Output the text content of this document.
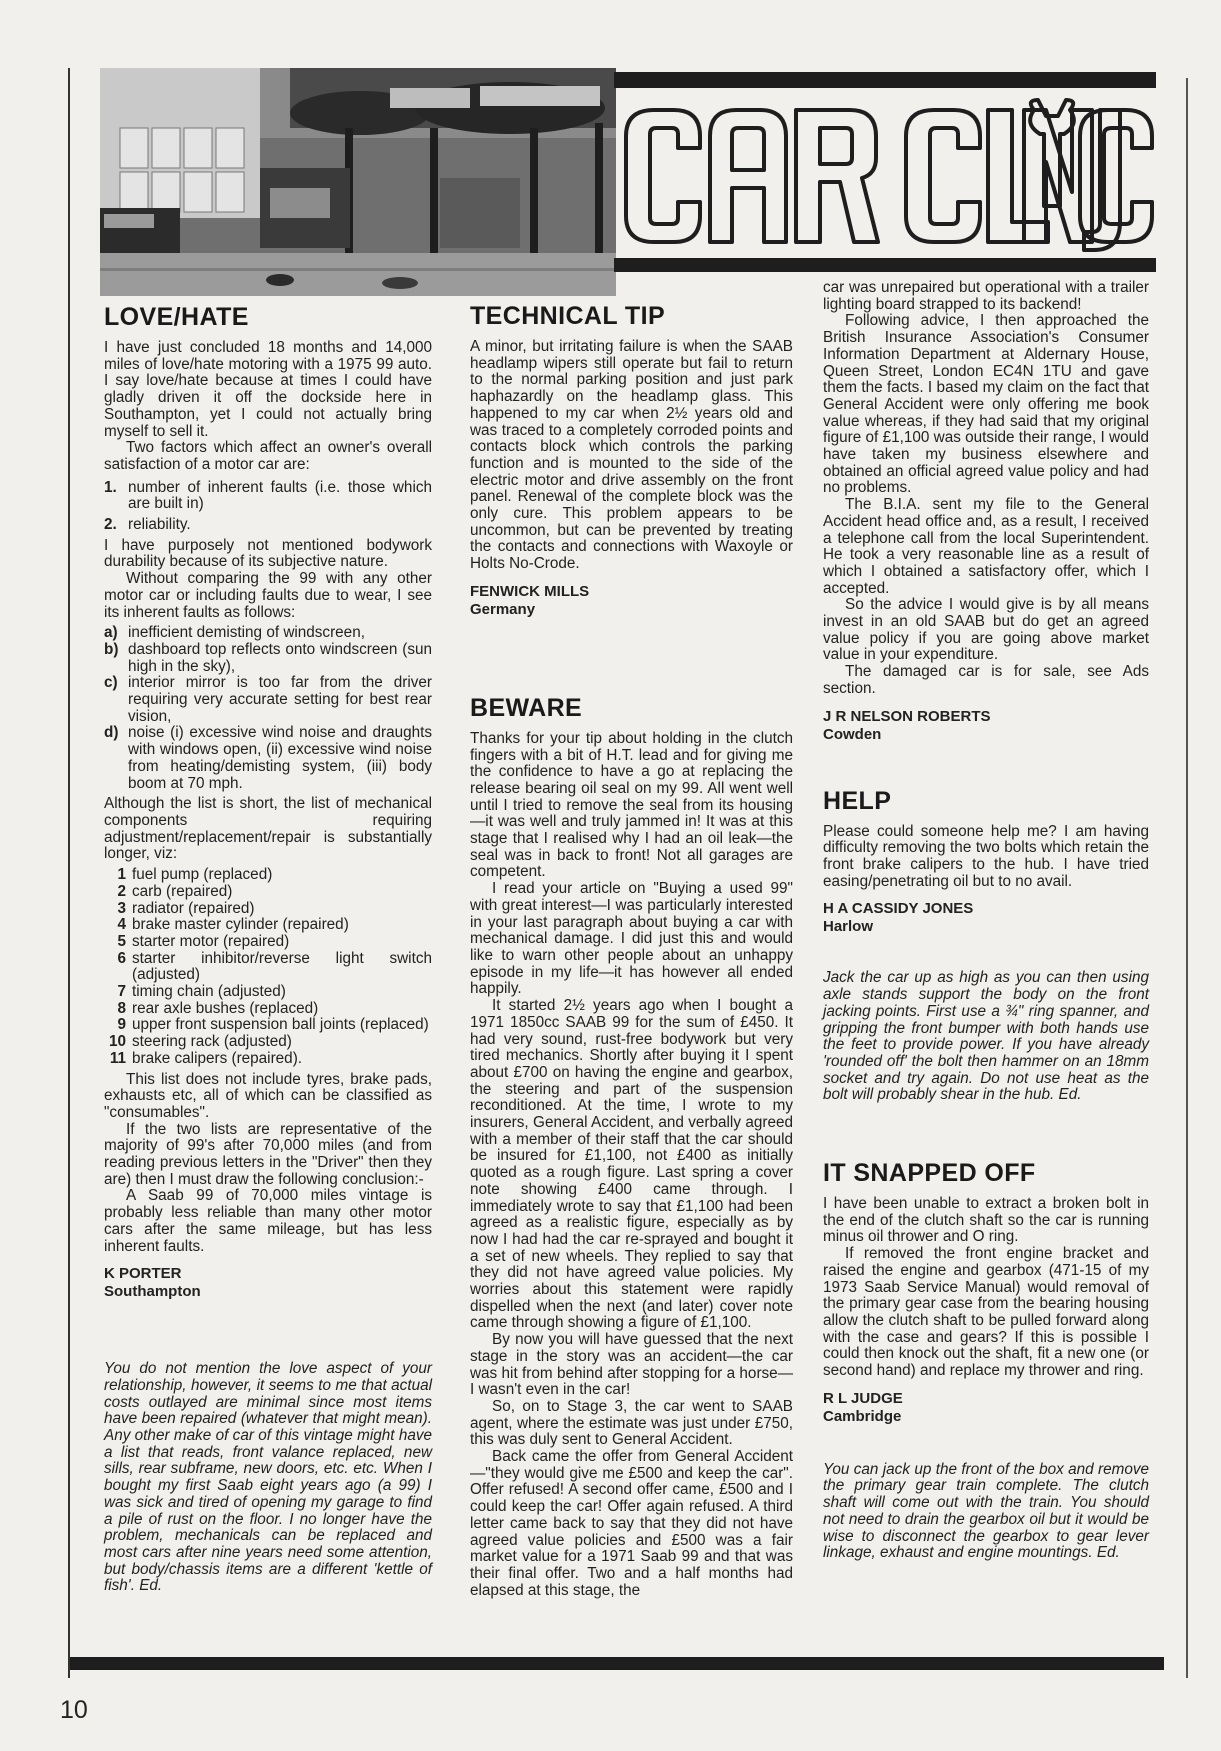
LOVE/HATE

I have just concluded 18 months and 14,000 miles of love/hate motoring with a 1975 99 auto. I say love/hate because at times I could have gladly driven it off the dockside here in Southampton, yet I could not actually bring myself to sell it.

Two factors which affect an owner's overall satisfaction of a motor car are:

1. number of inherent faults (i.e. those which are built in)
2. reliability.

I have purposely not mentioned bodywork durability because of its subjective nature.

Without comparing the 99 with any other motor car or including faults due to wear, I see its inherent faults as follows:

a) inefficient demisting of windscreen,
b) dashboard top reflects onto windscreen (sun high in the sky),
c) interior mirror is too far from the driver requiring very accurate setting for best rear vision,
d) noise (i) excessive wind noise and draughts with windows open, (ii) excessive wind noise from heating/demisting system, (iii) body boom at 70 mph.

Although the list is short, the list of mechanical components requiring adjustment/replacement/repair is substantially longer, viz:

1 fuel pump (replaced)
2 carb (repaired)
3 radiator (repaired)
4 brake master cylinder (repaired)
5 starter motor (repaired)
6 starter inhibitor/reverse light switch (adjusted)
7 timing chain (adjusted)
8 rear axle bushes (replaced)
9 upper front suspension ball joints (replaced)
10 steering rack (adjusted)
11 brake calipers (repaired).

This list does not include tyres, brake pads, exhausts etc, all of which can be classified as "consumables".

If the two lists are representative of the majority of 99's after 70,000 miles (and from reading previous letters in the "Driver" then they are) then I must draw the following conclusion:-

A Saab 99 of 70,000 miles vintage is probably less reliable than many other motor cars after the same mileage, but has less inherent faults.

K PORTER
Southampton

You do not mention the love aspect of your relationship, however, it seems to me that actual costs outlayed are minimal since most items have been repaired (whatever that might mean). Any other make of car of this vintage might have a list that reads, front valance replaced, new sills, rear subframe, new doors, etc. etc. When I bought my first Saab eight years ago (a 99) I was sick and tired of opening my garage to find a pile of rust on the floor. I no longer have the problem, mechanicals can be replaced and most cars after nine years need some attention, but body/chassis items are a different 'kettle of fish'. Ed.

TECHNICAL TIP

A minor, but irritating failure is when the SAAB headlamp wipers still operate but fail to return to the normal parking position and just park haphazardly on the headlamp glass. This happened to my car when 2½ years old and was traced to a completely corroded points and contacts block which controls the parking function and is mounted to the side of the electric motor and drive assembly on the front panel. Renewal of the complete block was the only cure. This problem appears to be uncommon, but can be prevented by treating the contacts and connections with Waxoyle or Holts No-Crode.

FENWICK MILLS
Germany
BEWARE

Thanks for your tip about holding in the clutch fingers with a bit of H.T. lead and for giving me the confidence to have a go at replacing the release bearing oil seal on my 99. All went well until I tried to remove the seal from its housing—it was well and truly jammed in! It was at this stage that I realised why I had an oil leak—the seal was in back to front! Not all garages are competent.

I read your article on "Buying a used 99" with great interest—I was particularly interested in your last paragraph about buying a car with mechanical damage. I did just this and would like to warn other people about an unhappy episode in my life—it has however all ended happily.

It started 2½ years ago when I bought a 1971 1850cc SAAB 99 for the sum of £450. It had very sound, rust-free bodywork but very tired mechanics. Shortly after buying it I spent about £700 on having the engine and gearbox, the steering and part of the suspension reconditioned. At the time, I wrote to my insurers, General Accident, and verbally agreed with a member of their staff that the car should be insured for £1,100, not £400 as initially quoted as a rough figure. Last spring a cover note showing £400 came through. I immediately wrote to say that £1,100 had been agreed as a realistic figure, especially as by now I had had the car re-sprayed and bought it a set of new wheels. They replied to say that they did not have agreed value policies. My worries about this statement were rapidly dispelled when the next (and later) cover note came through showing a figure of £1,100.

By now you will have guessed that the next stage in the story was an accident—the car was hit from behind after stopping for a horse—I wasn't even in the car!

So, on to Stage 3, the car went to SAAB agent, where the estimate was just under £750, this was duly sent to General Accident.

Back came the offer from General Accident—"they would give me £500 and keep the car". Offer refused! A second offer came, £500 and I could keep the car! Offer again refused. A third letter came back to say that they did not have agreed value policies and £500 was a fair market value for a 1971 Saab 99 and that was their final offer. Two and a half months had elapsed at this stage, the

car was unrepaired but operational with a trailer lighting board strapped to its backend!

Following advice, I then approached the British Insurance Association's Consumer Information Department at Aldernary House, Queen Street, London EC4N 1TU and gave them the facts. I based my claim on the fact that General Accident were only offering me book value whereas, if they had said that my original figure of £1,100 was outside their range, I would have taken my business elsewhere and obtained an official agreed value policy and had no problems.

The B.I.A. sent my file to the General Accident head office and, as a result, I received a telephone call from the local Superintendent. He took a very reasonable line as a result of which I obtained a satisfactory offer, which I accepted.

So the advice I would give is by all means invest in an old SAAB but do get an agreed value policy if you are going above market value in your expenditure.

The damaged car is for sale, see Ads section.

J R NELSON ROBERTS
Cowden
HELP

Please could someone help me? I am having difficulty removing the two bolts which retain the front brake calipers to the hub. I have tried easing/penetrating oil but to no avail.

H A CASSIDY JONES
Harlow

Jack the car up as high as you can then using axle stands support the body on the front jacking points. First use a ¾" ring spanner, and gripping the front bumper with both hands use the feet to provide power. If you have already 'rounded off' the bolt then hammer on an 18mm socket and try again. Do not use heat as the bolt will probably shear in the hub. Ed.

IT SNAPPED OFF

I have been unable to extract a broken bolt in the end of the clutch shaft so the car is running minus oil thrower and O ring.

If removed the front engine bracket and raised the engine and gearbox (471-15 of my 1973 Saab Service Manual) would removal of the primary gear case from the bearing housing allow the clutch shaft to be pulled forward along with the case and gears? If this is possible I could then knock out the shaft, fit a new one (or second hand) and replace my thrower and ring.

R L JUDGE
Cambridge

You can jack up the front of the box and remove the primary gear train complete. The clutch shaft will come out with the train. You should not need to drain the gearbox oil but it would be wise to disconnect the gearbox to gear lever linkage, exhaust and engine mountings. Ed.

10
